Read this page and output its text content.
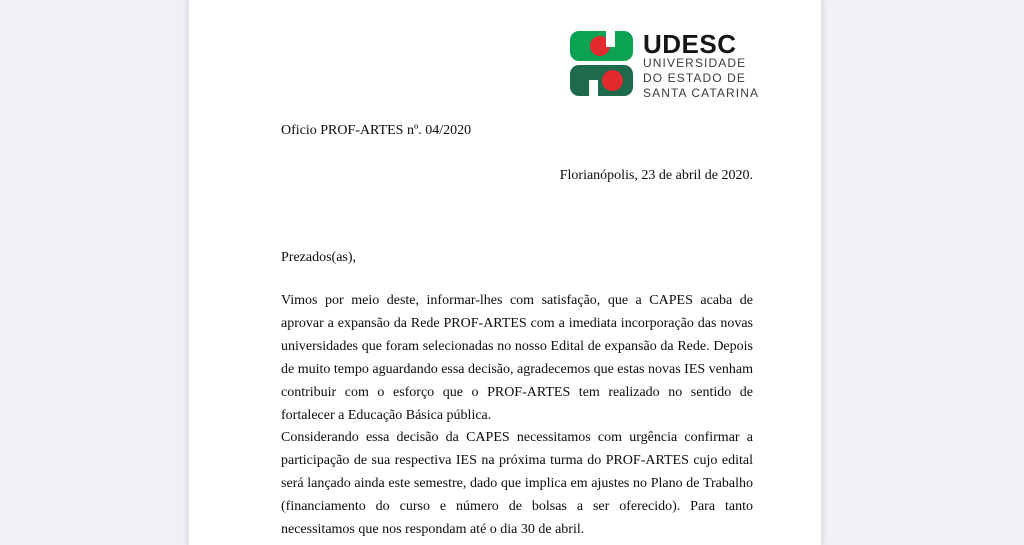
UDESC
UNIVERSIDADE
DO ESTADO DE
SANTA CATARINA
Oficio PROF-ARTES nº. 04/2020
Florianópolis, 23 de abril de 2020.
Prezados(as),
Vimos por meio deste, informar-lhes com satisfação, que a CAPES acaba de aprovar a expansão da Rede PROF-ARTES com a imediata incorporação das novas universidades que foram selecionadas no nosso Edital de expansão da Rede. Depois de muito tempo aguardando essa decisão, agradecemos que estas novas IES venham contribuir com o esforço que o PROF-ARTES tem realizado no sentido de fortalecer a Educação Básica pública.
Considerando essa decisão da CAPES necessitamos com urgência confirmar a participação de sua respectiva IES na próxima turma do PROF-ARTES cujo edital será lançado ainda este semestre, dado que implica em ajustes no Plano de Trabalho (financiamento do curso e número de bolsas a ser oferecido). Para tanto necessitamos que nos respondam até o dia 30 de abril.
